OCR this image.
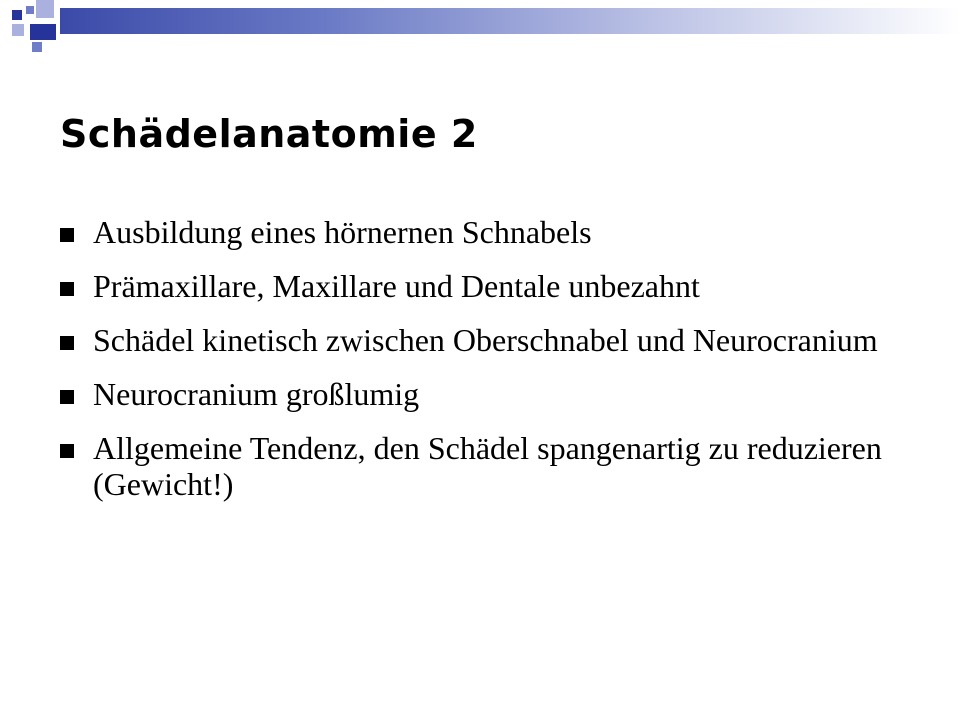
Schädelanatomie 2
Ausbildung eines hörnernen Schnabels
Prämaxillare, Maxillare und Dentale unbezahnt
Schädel kinetisch zwischen Oberschnabel und Neurocranium
Neurocranium großlumig
Allgemeine Tendenz, den Schädel spangenartig zu reduzieren (Gewicht!)
